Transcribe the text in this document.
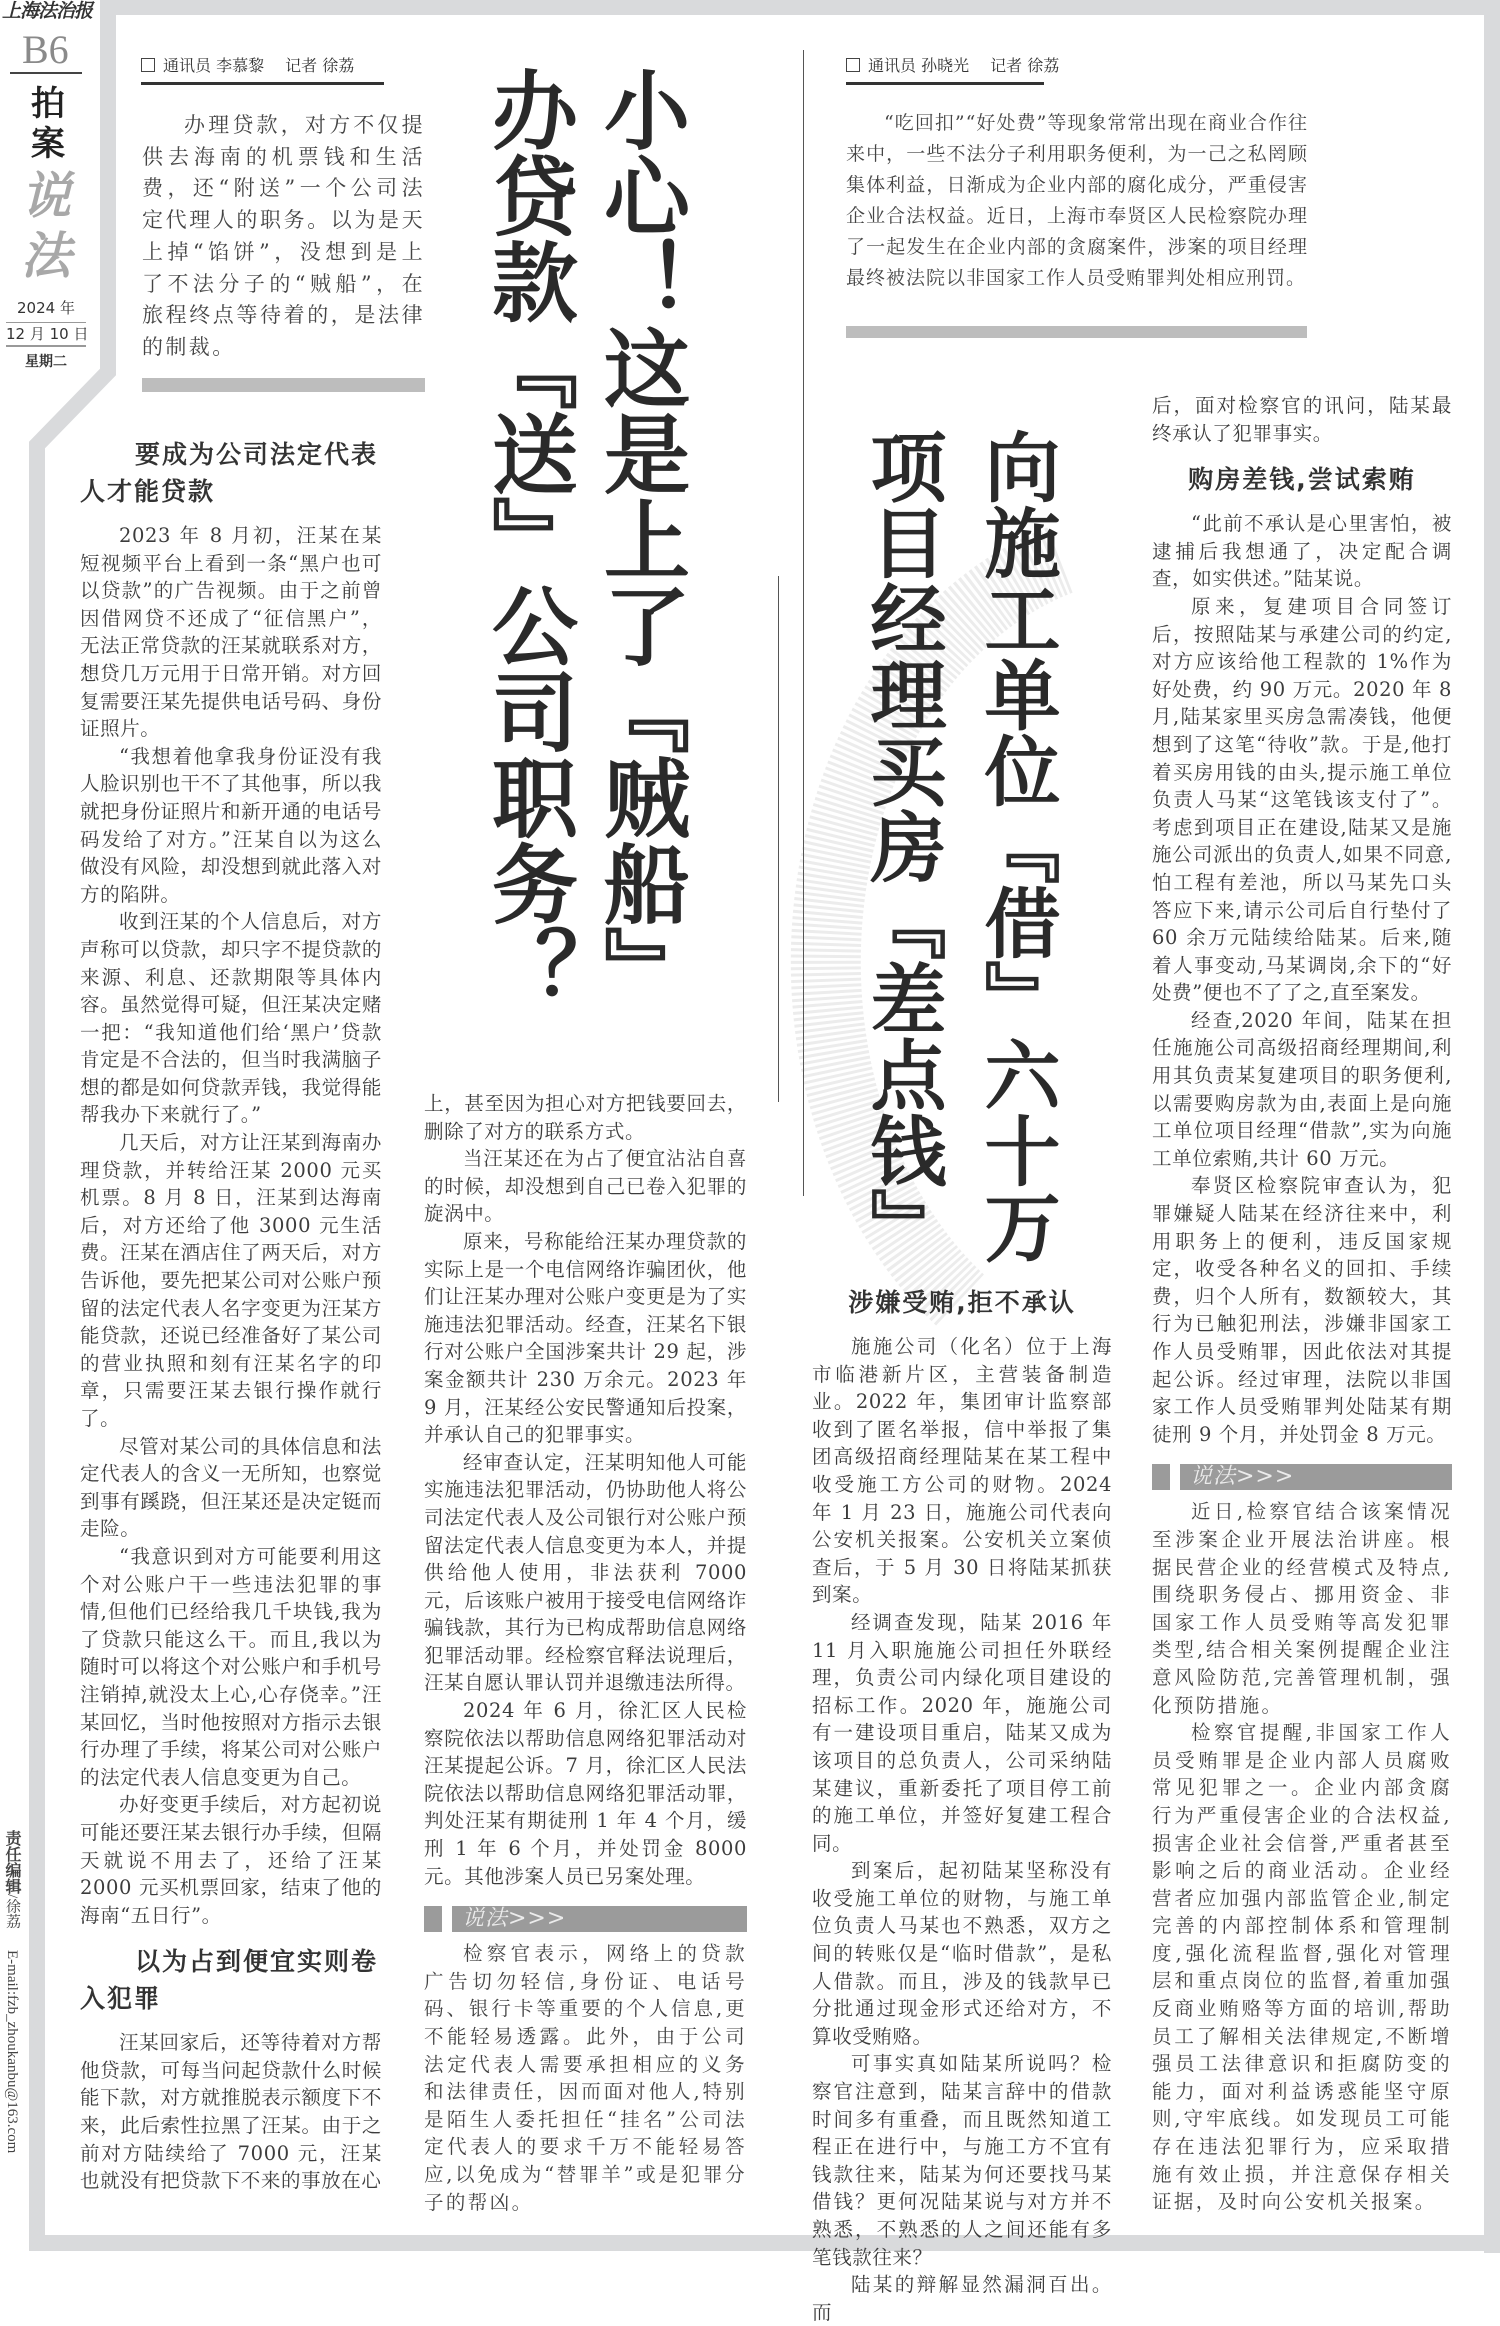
上海法治报
B6
拍案
说法
2024 年
12 月 10 日
星期二
责任编辑/徐荔 E-mail:fzb_zhoukanbu@163.com
通讯员 李慕黎　 记者 徐荔
办理贷款，对方不仅提供去海南的机票钱和生活费，还“附送”一个公司法定代理人的职务。以为是天上掉“馅饼”，没想到是上了不法分子的“贼船”，在旅程终点等待着的，是法律的制裁。	小心！这是上了『贼船』
办贷款『送』公司职务？
要成为公司法定代表人才能贷款

2023 年 8 月初，汪某在某短视频平台上看到一条“黑户也可以贷款”的广告视频。由于之前曾因借网贷不还成了“征信黑户”，无法正常贷款的汪某就联系对方，想贷几万元用于日常开销。对方回复需要汪某先提供电话号码、身份证照片。

“我想着他拿我身份证没有我人脸识别也干不了其他事，所以我就把身份证照片和新开通的电话号码发给了对方。”汪某自以为这么做没有风险，却没想到就此落入对方的陷阱。

收到汪某的个人信息后，对方声称可以贷款，却只字不提贷款的来源、利息、还款期限等具体内容。虽然觉得可疑，但汪某决定赌一把：“我知道他们给‘黑户’贷款肯定是不合法的，但当时我满脑子想的都是如何贷款弄钱，我觉得能帮我办下来就行了。”

几天后，对方让汪某到海南办理贷款，并转给汪某 2000 元买机票。8 月 8 日，汪某到达海南后，对方还给了他 3000 元生活费。汪某在酒店住了两天后，对方告诉他，要先把某公司对公账户预留的法定代表人名字变更为汪某方能贷款，还说已经准备好了某公司的营业执照和刻有汪某名字的印章，只需要汪某去银行操作就行了。

尽管对某公司的具体信息和法定代表人的含义一无所知，也察觉到事有蹊跷，但汪某还是决定铤而走险。

“我意识到对方可能要利用这个对公账户干一些违法犯罪的事情,但他们已经给我几千块钱,我为了贷款只能这么干。而且,我以为随时可以将这个对公账户和手机号注销掉,就没太上心,心存侥幸。”汪某回忆，当时他按照对方指示去银行办理了手续，将某公司对公账户的法定代表人信息变更为自己。

办好变更手续后，对方起初说可能还要汪某去银行办手续，但隔天就说不用去了，还给了汪某 2000 元买机票回家，结束了他的海南“五日行”。

以为占到便宜实则卷入犯罪

汪某回家后，还等待着对方帮他贷款，可每当问起贷款什么时候能下款，对方就推脱表示额度下不来，此后索性拉黑了汪某。由于之前对方陆续给了 7000 元，汪某也就没有把贷款下不来的事放在心

上，甚至因为担心对方把钱要回去，删除了对方的联系方式。

当汪某还在为占了便宜沾沾自喜的时候，却没想到自己已卷入犯罪的旋涡中。

原来，号称能给汪某办理贷款的实际上是一个电信网络诈骗团伙，他们让汪某办理对公账户变更是为了实施违法犯罪活动。经查，汪某名下银行对公账户全国涉案共计 29 起，涉案金额共计 230 万余元。2023 年 9 月，汪某经公安民警通知后投案，并承认自己的犯罪事实。

经审查认定，汪某明知他人可能实施违法犯罪活动，仍协助他人将公司法定代表人及公司银行对公账户预留法定代表人信息变更为本人，并提供给他人使用，非法获利 7000 元，后该账户被用于接受电信网络诈骗钱款，其行为已构成帮助信息网络犯罪活动罪。经检察官释法说理后，汪某自愿认罪认罚并退缴违法所得。

2024 年 6 月，徐汇区人民检察院依法以帮助信息网络犯罪活动对汪某提起公诉。7 月，徐汇区人民法院依法以帮助信息网络犯罪活动罪，判处汪某有期徒刑 1 年 4 个月，缓刑 1 年 6 个月，并处罚金 8000 元。其他涉案人员已另案处理。

说法>>>

检察官表示，网络上的贷款广告切勿轻信,身份证、电话号码、银行卡等重要的个人信息,更不能轻易透露。此外，由于公司法定代表人需要承担相应的义务和法律责任，因而面对他人,特别是陌生人委托担任“挂名”公司法定代表人的要求千万不能轻易答应,以免成为“替罪羊”或是犯罪分子的帮凶。

通讯员 孙晓光　 记者 徐荔
“吃回扣”“好处费”等现象常常出现在商业合作往来中，一些不法分子利用职务便利，为一己之私罔顾集体利益，日渐成为企业内部的腐化成分，严重侵害企业合法权益。近日，上海市奉贤区人民检察院办理了一起发生在企业内部的贪腐案件，涉案的项目经理最终被法院以非国家工作人员受贿罪判处相应刑罚。
向施工单位『借』六十万
项目经理买房『差点钱』
涉嫌受贿,拒不承认

施施公司（化名）位于上海市临港新片区，主营装备制造业。2022 年，集团审计监察部收到了匿名举报，信中举报了集团高级招商经理陆某在某工程中收受施工方公司的财物。2024 年 1 月 23 日，施施公司代表向公安机关报案。公安机关立案侦查后，于 5 月 30 日将陆某抓获到案。

经调查发现，陆某 2016 年 11 月入职施施公司担任外联经理，负责公司内绿化项目建设的招标工作。2020 年，施施公司有一建设项目重启，陆某又成为该项目的总负责人，公司采纳陆某建议，重新委托了项目停工前的施工单位，并签好复建工程合同。

到案后，起初陆某坚称没有收受施工单位的财物，与施工单位负责人马某也不熟悉，双方之间的转账仅是“临时借款”，是私人借款。而且，涉及的钱款早已分批通过现金形式还给对方，不算收受贿赂。

可事实真如陆某所说吗？检察官注意到，陆某言辞中的借款时间多有重叠，而且既然知道工程正在进行中，与施工方不宜有钱款往来，陆某为何还要找马某借钱？更何况陆某说与对方并不熟悉，不熟悉的人之间还能有多笔钱款往来？

陆某的辩解显然漏洞百出。而

后，面对检察官的讯问，陆某最终承认了犯罪事实。

购房差钱,尝试索贿

“此前不承认是心里害怕，被逮捕后我想通了，决定配合调查，如实供述。”陆某说。

原来，复建项目合同签订后，按照陆某与承建公司的约定,对方应该给他工程款的 1%作为好处费，约 90 万元。2020 年 8 月,陆某家里买房急需凑钱，他便想到了这笔“待收”款。于是,他打着买房用钱的由头,提示施工单位负责人马某“这笔钱该支付了”。考虑到项目正在建设,陆某又是施施公司派出的负责人,如果不同意,怕工程有差池，所以马某先口头答应下来,请示公司后自行垫付了 60 余万元陆续给陆某。后来,随着人事变动,马某调岗,余下的“好处费”便也不了了之,直至案发。

经查,2020 年间，陆某在担任施施公司高级招商经理期间,利用其负责某复建项目的职务便利,以需要购房款为由,表面上是向施工单位项目经理“借款”,实为向施工单位索贿,共计 60 万元。

奉贤区检察院审查认为，犯罪嫌疑人陆某在经济往来中，利用职务上的便利，违反国家规定，收受各种名义的回扣、手续费，归个人所有，数额较大，其行为已触犯刑法，涉嫌非国家工作人员受贿罪，因此依法对其提起公诉。经过审理，法院以非国家工作人员受贿罪判处陆某有期徒刑 9 个月，并处罚金 8 万元。

说法>>>

近日,检察官结合该案情况至涉案企业开展法治讲座。根据民营企业的经营模式及特点,围绕职务侵占、挪用资金、非国家工作人员受贿等高发犯罪类型,结合相关案例提醒企业注意风险防范,完善管理机制，强化预防措施。

检察官提醒,非国家工作人员受贿罪是企业内部人员腐败常见犯罪之一。企业内部贪腐行为严重侵害企业的合法权益,损害企业社会信誉,严重者甚至影响之后的商业活动。企业经营者应加强内部监管企业,制定完善的内部控制体系和管理制度,强化流程监督,强化对管理层和重点岗位的监督,着重加强反商业贿赂等方面的培训,帮助员工了解相关法律规定,不断增强员工法律意识和拒腐防变的能力，面对利益诱惑能坚守原则,守牢底线。如发现员工可能存在违法犯罪行为，应采取措施有效止损，并注意保存相关证据，及时向公安机关报案。
